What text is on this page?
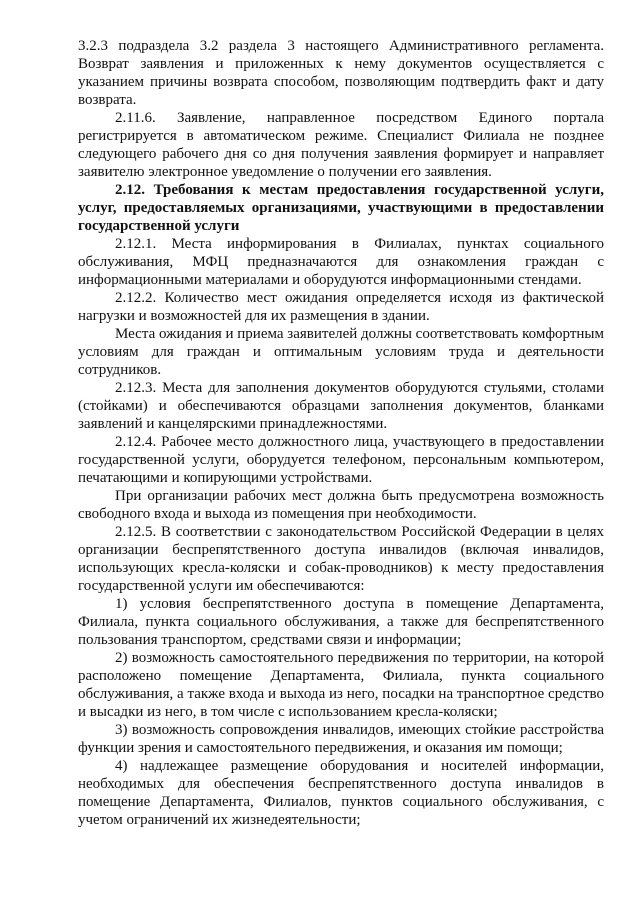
3.2.3 подраздела 3.2 раздела 3 настоящего Административного регламента. Возврат заявления и приложенных к нему документов осуществляется с указанием причины возврата способом, позволяющим подтвердить факт и дату возврата.

2.11.6. Заявление, направленное посредством Единого портала регистрируется в автоматическом режиме. Специалист Филиала не позднее следующего рабочего дня со дня получения заявления формирует и направляет заявителю электронное уведомление о получении его заявления.

2.12. Требования к местам предоставления государственной услуги, услуг, предоставляемых организациями, участвующими в предоставлении государственной услуги

2.12.1. Места информирования в Филиалах, пунктах социального обслуживания, МФЦ предназначаются для ознакомления граждан с информационными материалами и оборудуются информационными стендами.

2.12.2. Количество мест ожидания определяется исходя из фактической нагрузки и возможностей для их размещения в здании.

Места ожидания и приема заявителей должны соответствовать комфортным условиям для граждан и оптимальным условиям труда и деятельности сотрудников.

2.12.3. Места для заполнения документов оборудуются стульями, столами (стойками) и обеспечиваются образцами заполнения документов, бланками заявлений и канцелярскими принадлежностями.

2.12.4. Рабочее место должностного лица, участвующего в предоставлении государственной услуги, оборудуется телефоном, персональным компьютером, печатающими и копирующими устройствами.

При организации рабочих мест должна быть предусмотрена возможность свободного входа и выхода из помещения при необходимости.

2.12.5. В соответствии с законодательством Российской Федерации в целях организации беспрепятственного доступа инвалидов (включая инвалидов, использующих кресла-коляски и собак-проводников) к месту предоставления государственной услуги им обеспечиваются:

1) условия беспрепятственного доступа в помещение Департамента, Филиала, пункта социального обслуживания, а также для беспрепятственного пользования транспортом, средствами связи и информации;

2) возможность самостоятельного передвижения по территории, на которой расположено помещение Департамента, Филиала, пункта социального обслуживания, а также входа и выхода из него, посадки на транспортное средство и высадки из него, в том числе с использованием кресла-коляски;

3) возможность сопровождения инвалидов, имеющих стойкие расстройства функции зрения и самостоятельного передвижения, и оказания им помощи;

4) надлежащее размещение оборудования и носителей информации, необходимых для обеспечения беспрепятственного доступа инвалидов в помещение Департамента, Филиалов, пунктов социального обслуживания, с учетом ограничений их жизнедеятельности;
